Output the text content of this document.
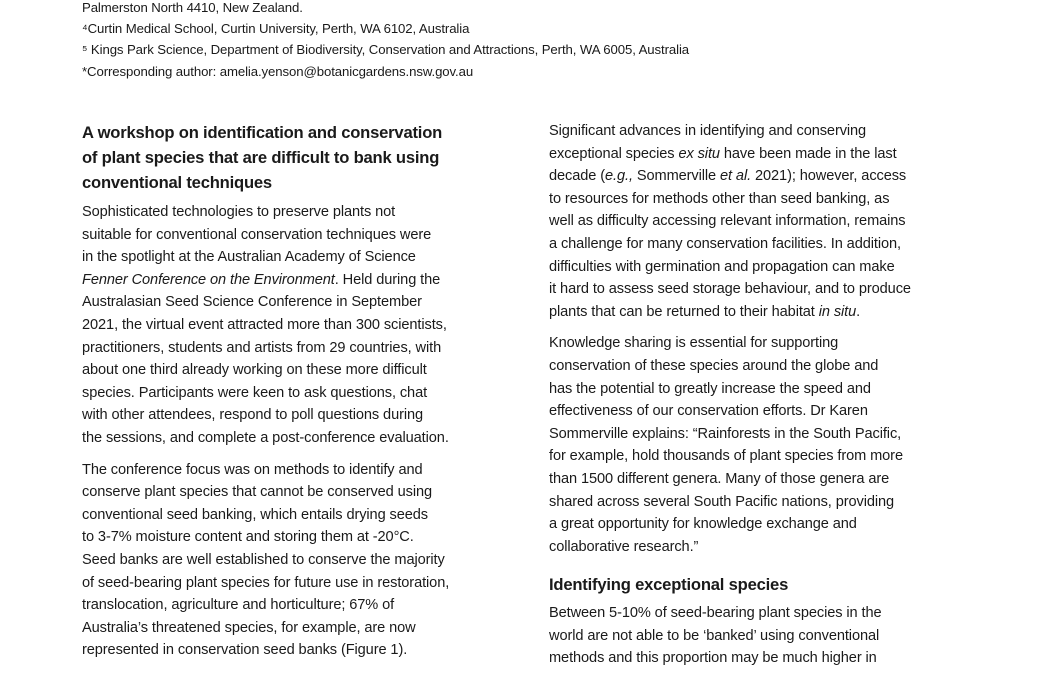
Palmerston North 4410, New Zealand.
⁴Curtin Medical School, Curtin University, Perth, WA 6102, Australia
⁵ Kings Park Science, Department of Biodiversity, Conservation and Attractions, Perth, WA 6005, Australia
*Corresponding author: amelia.yenson@botanicgardens.nsw.gov.au
A workshop on identification and conservation
of plant species that are difficult to bank using
conventional techniques

Sophisticated technologies to preserve plants not
suitable for conventional conservation techniques were
in the spotlight at the Australian Academy of Science
Fenner Conference on the Environment. Held during the
Australasian Seed Science Conference in September
2021, the virtual event attracted more than 300 scientists,
practitioners, students and artists from 29 countries, with
about one third already working on these more difficult
species. Participants were keen to ask questions, chat
with other attendees, respond to poll questions during
the sessions, and complete a post-conference evaluation.

The conference focus was on methods to identify and
conserve plant species that cannot be conserved using
conventional seed banking, which entails drying seeds
to 3-7% moisture content and storing them at -20°C.
Seed banks are well established to conserve the majority
of seed-bearing plant species for future use in restoration,
translocation, agriculture and horticulture; 67% of
Australia’s threatened species, for example, are now
represented in conservation seed banks (Figure 1).

Significant advances in identifying and conserving
exceptional species ex situ have been made in the last
decade (e.g., Sommerville et al. 2021); however, access
to resources for methods other than seed banking, as
well as difficulty accessing relevant information, remains
a challenge for many conservation facilities. In addition,
difficulties with germination and propagation can make
it hard to assess seed storage behaviour, and to produce
plants that can be returned to their habitat in situ.

Knowledge sharing is essential for supporting
conservation of these species around the globe and
has the potential to greatly increase the speed and
effectiveness of our conservation efforts. Dr Karen
Sommerville explains: “Rainforests in the South Pacific,
for example, hold thousands of plant species from more
than 1500 different genera. Many of those genera are
shared across several South Pacific nations, providing
a great opportunity for knowledge exchange and
collaborative research.”

Identifying exceptional species

Between 5-10% of seed-bearing plant species in the
world are not able to be ‘banked’ using conventional
methods and this proportion may be much higher in
